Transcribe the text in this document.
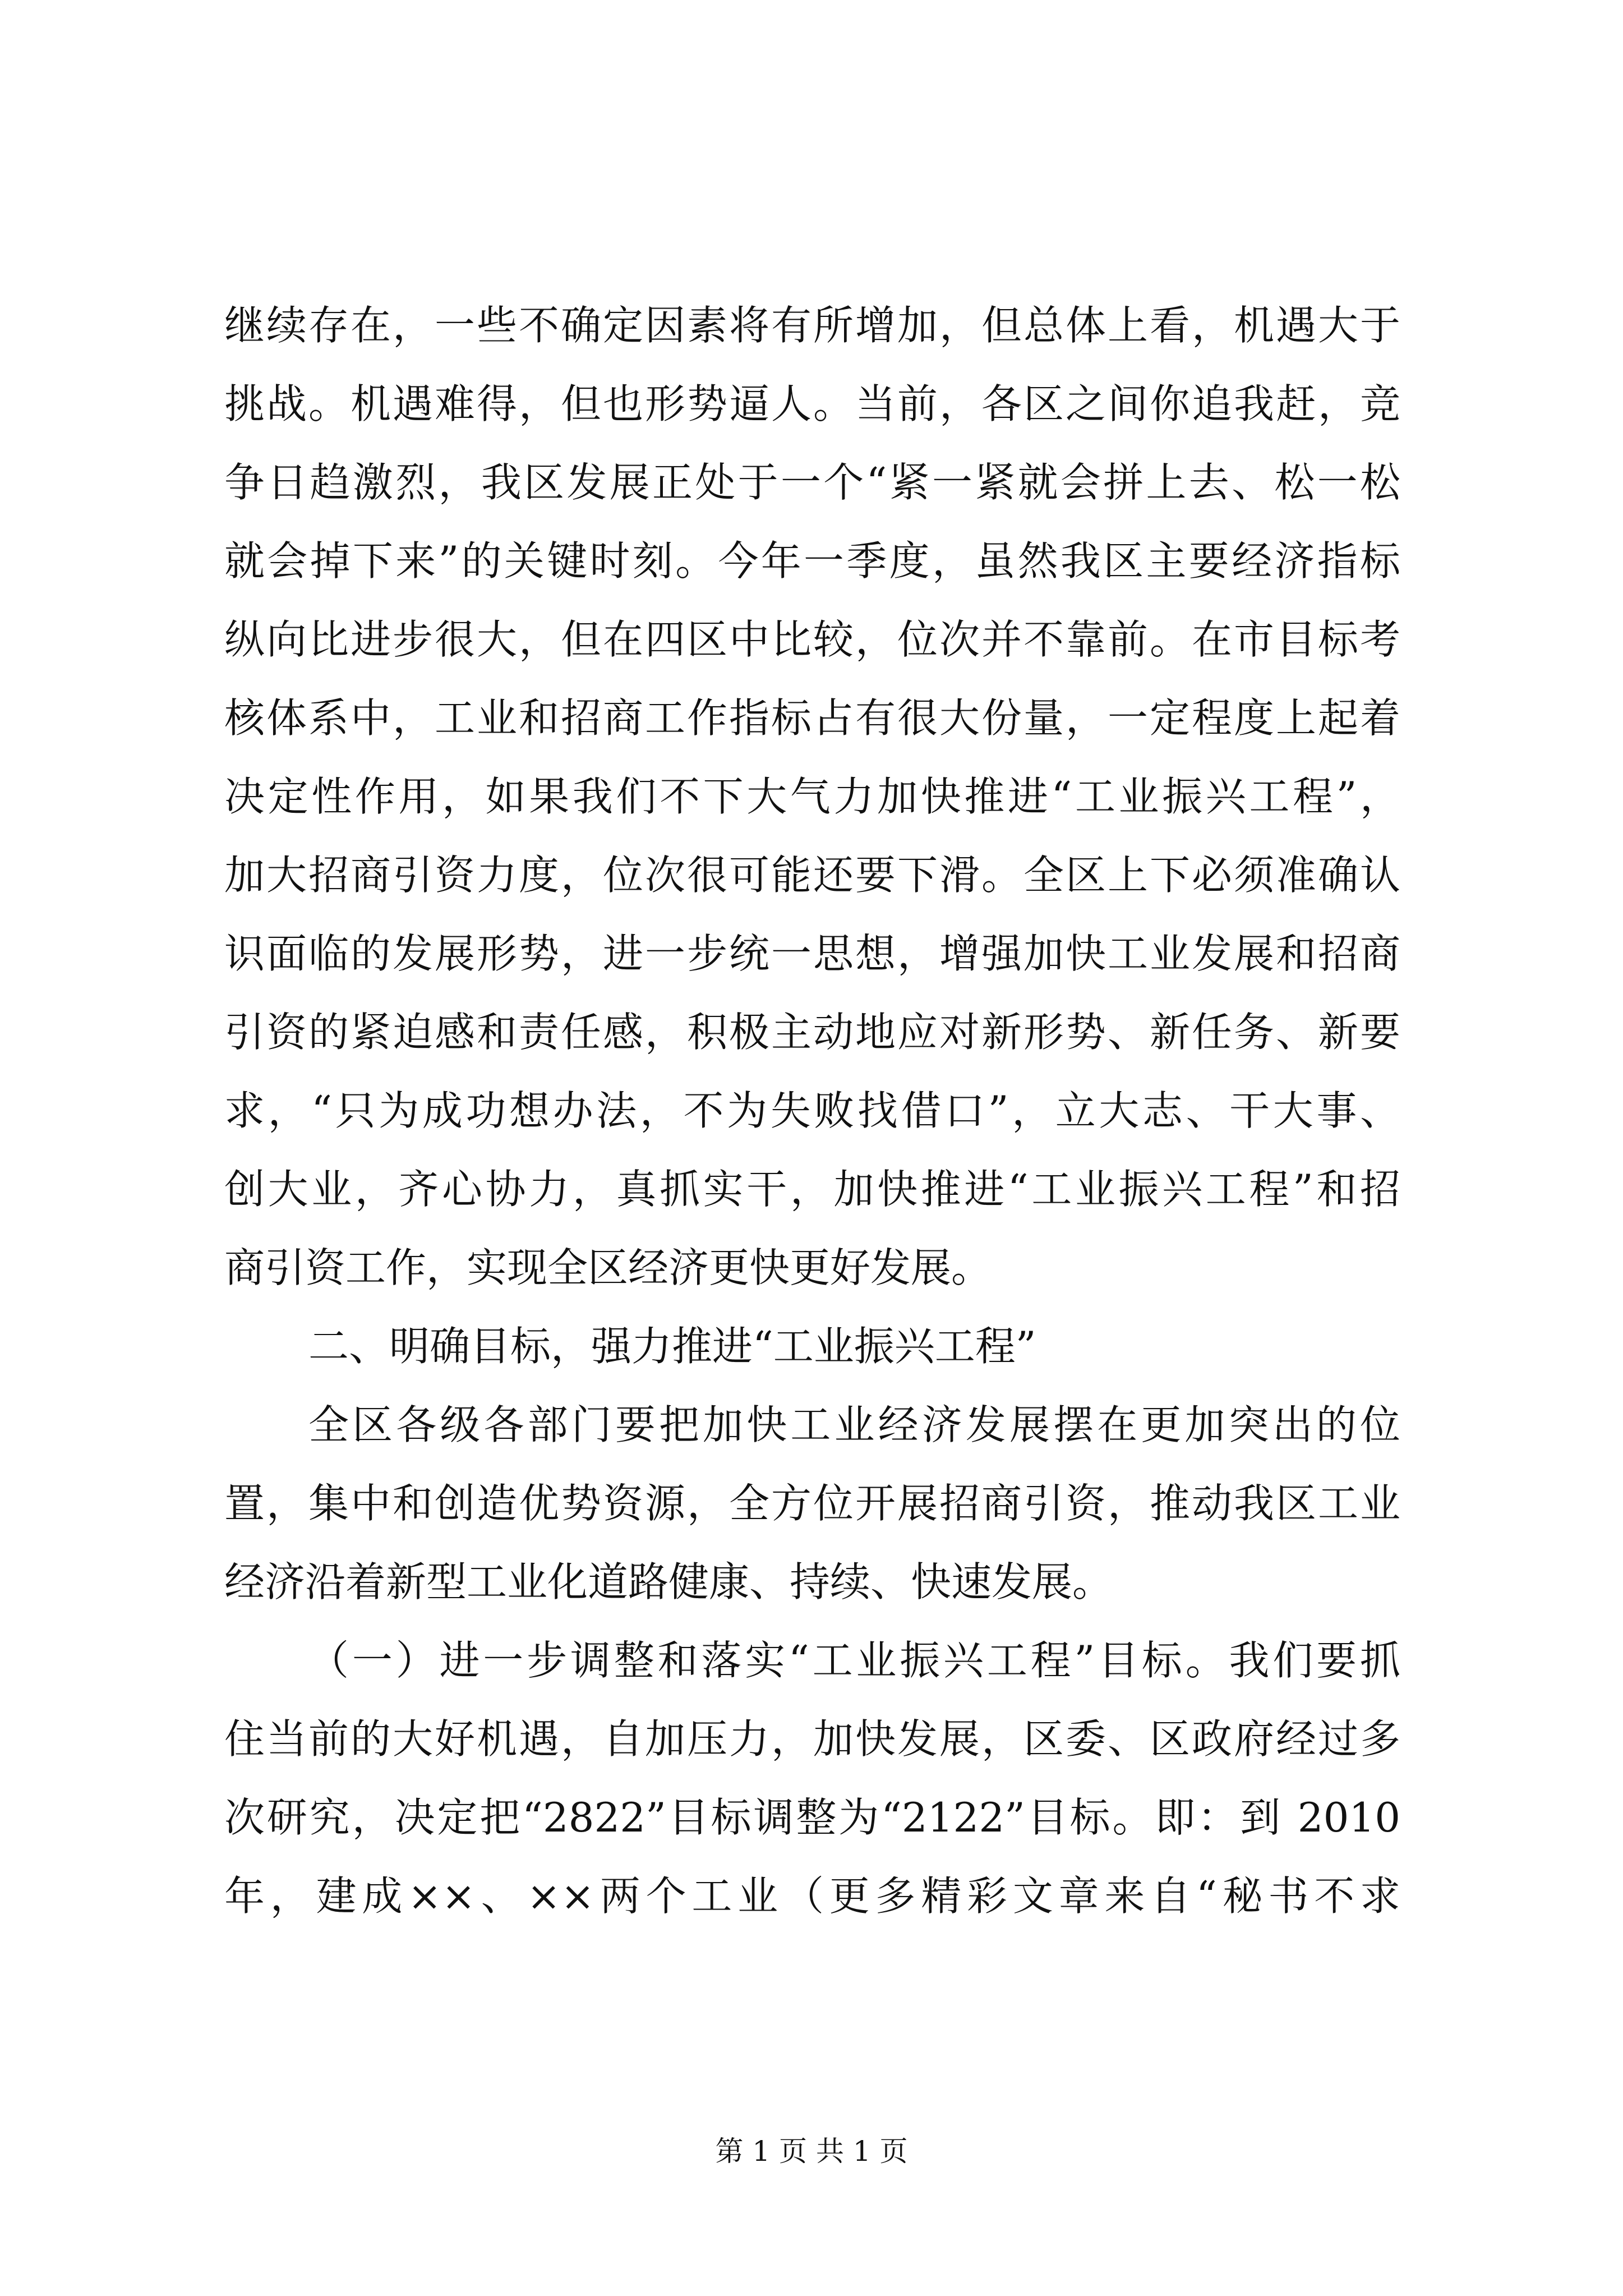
继续存在，一些不确定因素将有所增加，但总体上看，机遇大于
挑战。机遇难得，但也形势逼人。当前，各区之间你追我赶，竞
争日趋激烈，我区发展正处于一个“紧一紧就会拼上去、松一松
就会掉下来”的关键时刻。今年一季度，虽然我区主要经济指标
纵向比进步很大，但在四区中比较，位次并不靠前。在市目标考
核体系中，工业和招商工作指标占有很大份量，一定程度上起着
决定性作用，如果我们不下大气力加快推进“工业振兴工程”，
加大招商引资力度，位次很可能还要下滑。全区上下必须准确认
识面临的发展形势，进一步统一思想，增强加快工业发展和招商
引资的紧迫感和责任感，积极主动地应对新形势、新任务、新要
求，“只为成功想办法，不为失败找借口”，立大志、干大事、
创大业，齐心协力，真抓实干，加快推进“工业振兴工程”和招
商引资工作，实现全区经济更快更好发展。
二、明确目标，强力推进“工业振兴工程”
全区各级各部门要把加快工业经济发展摆在更加突出的位
置，集中和创造优势资源，全方位开展招商引资，推动我区工业
经济沿着新型工业化道路健康、持续、快速发展。
（一）进一步调整和落实“工业振兴工程”目标。我们要抓
住当前的大好机遇，自加压力，加快发展，区委、区政府经过多
次研究，决定把“2822”目标调整为“2122”目标。即：到 2010
年，建成××、××两个工业（更多精彩文章来自“秘书不求
第 1 页 共 1 页
